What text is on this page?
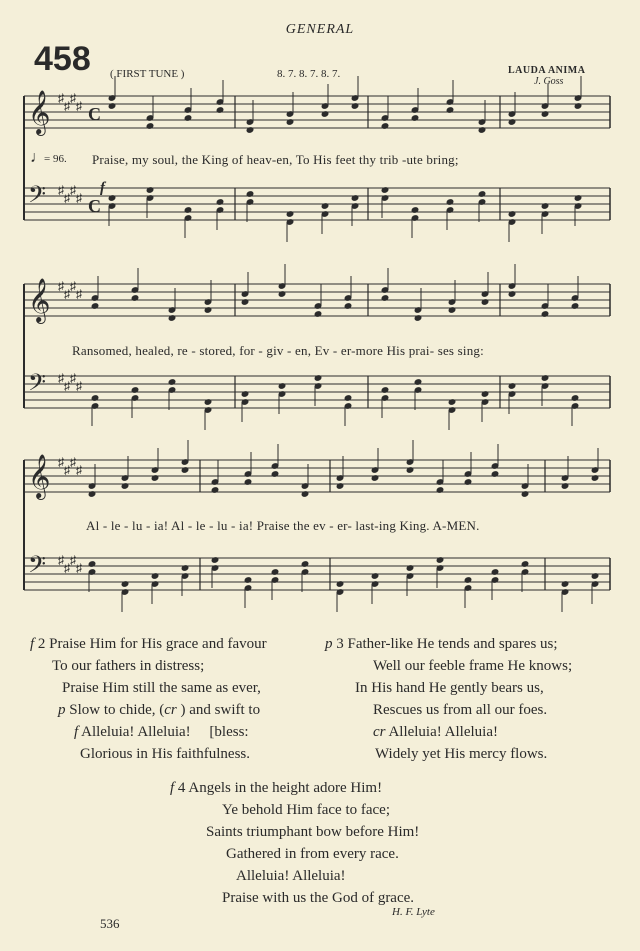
GENERAL
458 ( FIRST TUNE )	8. 7. 8. 7. 8. 7.	LAUDA ANIMA
J. Goss
𝄞 ♯
♯
♯
♯ C
𝄢 ♯
♯
♯
♯ C
𝄞 ♯
♯
♯
♯
𝄢 ♯
♯
♯
♯
𝄞 ♯
♯
♯
♯
𝄢 ♯
♯
♯
♯
♩
= 96.
f
Praise, my soul, the King of heav-en, To His feet thy trib -ute bring;
Ransomed, healed, re - stored, for - giv - en, Ev - er-more His prai- ses sing:
Al - le - lu - ia! Al - le - lu - ia! Praise the ev - er- last-ing King. A-MEN.
f 2 Praise Him for His grace and favour
To our fathers in distress;
Praise Him still the same as ever,
p Slow to chide, (cr ) and swift to
f Alleluia! Alleluia! [bless:
Glorious in His faithfulness.
p 3 Father-like He tends and spares us;
Well our feeble frame He knows;
In His hand He gently bears us,
Rescues us from all our foes.
cr Alleluia! Alleluia!
Widely yet His mercy flows.
f 4 Angels in the height adore Him!
Ye behold Him face to face;
Saints triumphant bow before Him!
Gathered in from every race.
Alleluia! Alleluia!
Praise with us the God of grace.
H. F. Lyte
536
